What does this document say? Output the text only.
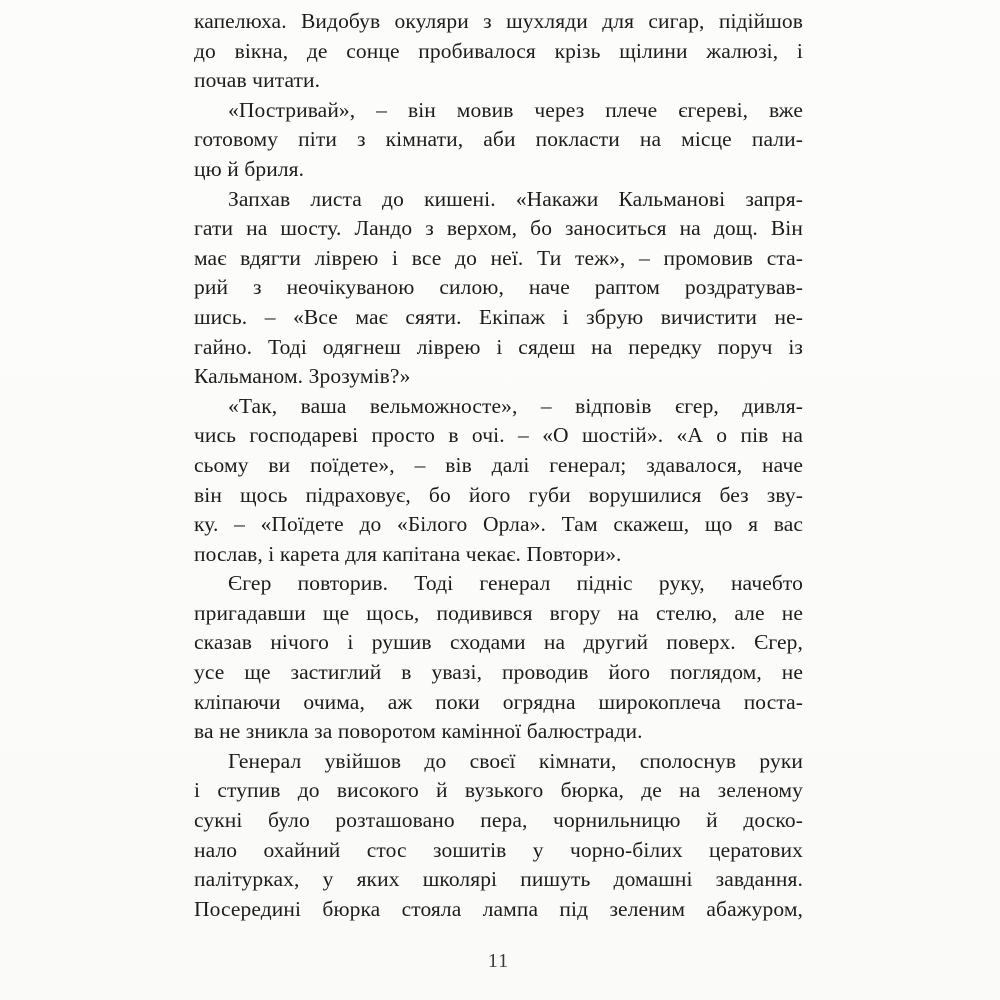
капелюха. Видобув окуляри з шухляди для сигар, підійшов
до вікна, де сонце пробивалося крізь щілини жалюзі, і
почав читати.
«Постривай», – він мовив через плече єгереві, вже
готовому піти з кімнати, аби покласти на місце пали-
цю й бриля.
Запхав листа до кишені. «Накажи Кальманові запря-
гати на шосту. Ландо з верхом, бо заноситься на дощ. Він
має вдягти ліврею і все до неї. Ти теж», – промовив ста-
рий з неочікуваною силою, наче раптом роздратував-
шись. – «Все має сяяти. Екіпаж і збрую вичистити не-
гайно. Тоді одягнеш ліврею і сядеш на передку поруч із
Кальманом. Зрозумів?»
«Так, ваша вельможносте», – відповів єгер, дивля-
чись господареві просто в очі. – «О шостій». «А о пів на
сьому ви поїдете», – вів далі генерал; здавалося, наче
він щось підраховує, бо його губи ворушилися без зву-
ку. – «Поїдете до «Білого Орла». Там скажеш, що я вас
послав, і карета для капітана чекає. Повтори».
Єгер повторив. Тоді генерал підніс руку, начебто
пригадавши ще щось, подивився вгору на стелю, але не
сказав нічого і рушив сходами на другий поверх. Єгер,
усе ще застиглий в увазі, проводив його поглядом, не
кліпаючи очима, аж поки огрядна широкоплеча поста-
ва не зникла за поворотом камінної балюстради.
Генерал увійшов до своєї кімнати, сполоснув руки
і ступив до високого й вузького бюрка, де на зеленому
сукні було розташовано пера, чорнильницю й доско-
нало охайний стос зошитів у чорно-білих цератових
палітурках, у яких школярі пишуть домашні завдання.
Посередині бюрка стояла лампа під зеленим абажуром,
11
